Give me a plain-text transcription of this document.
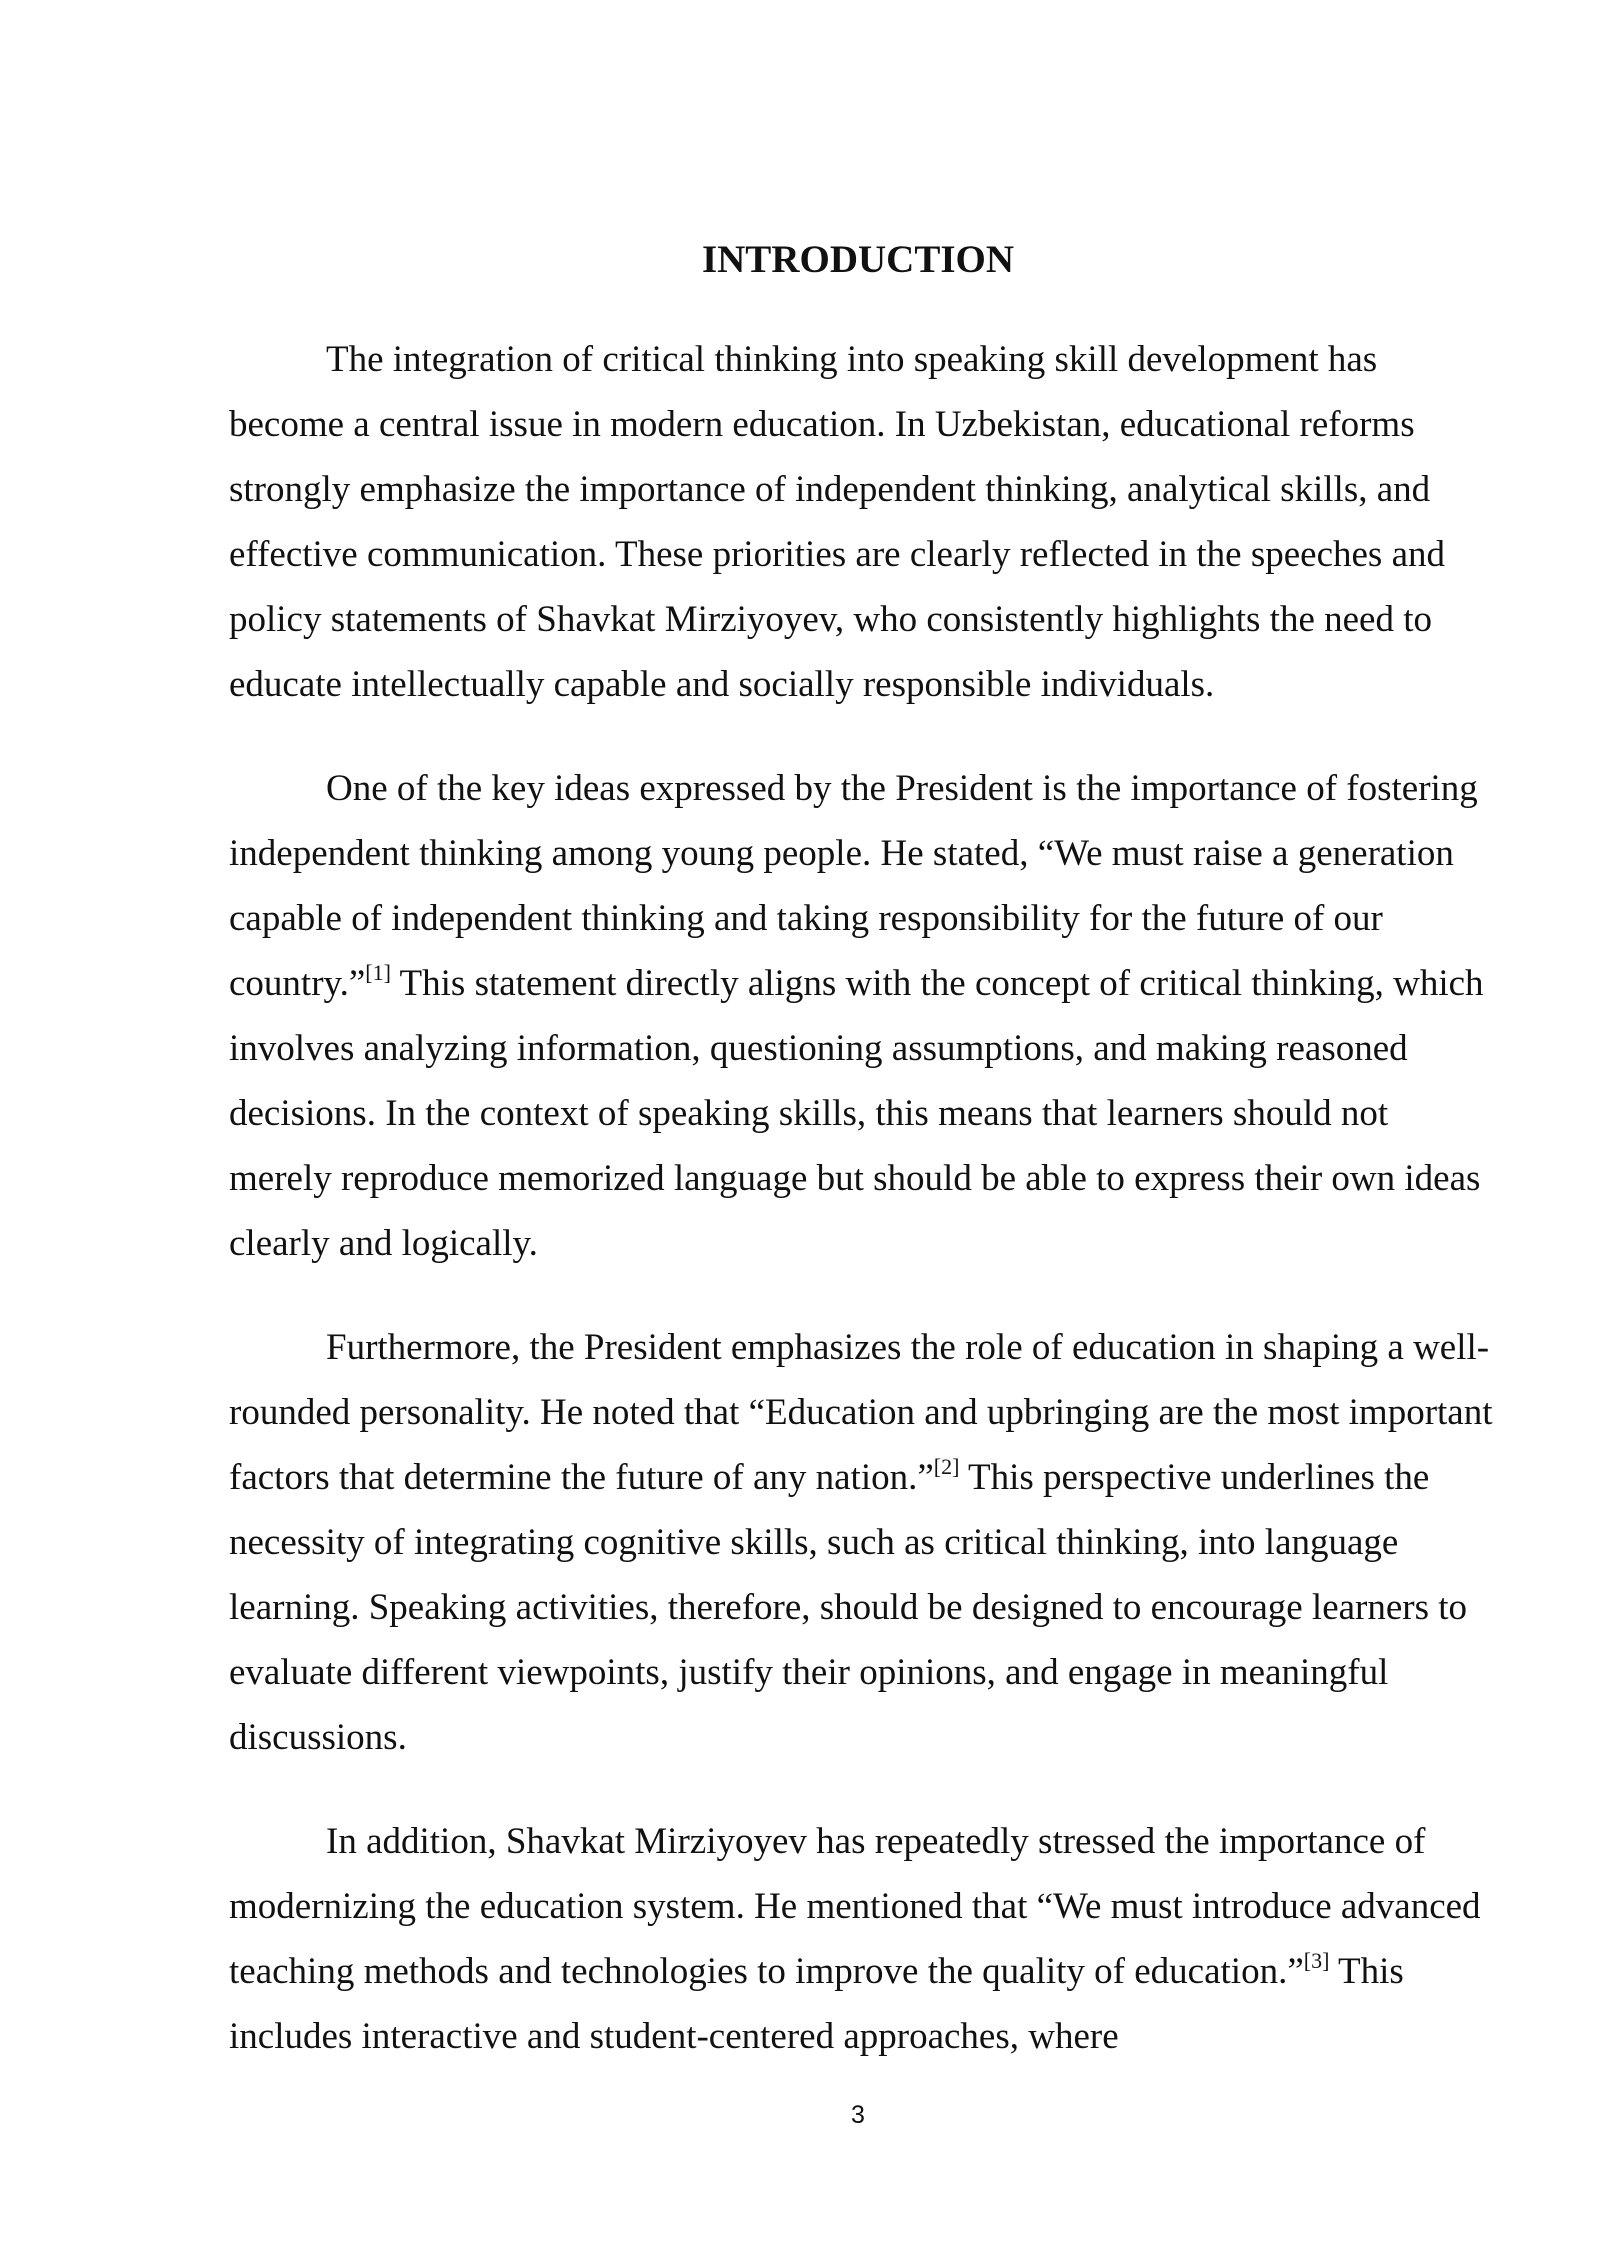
INTRODUCTION

The integration of critical thinking into speaking skill development has become a central issue in modern education. In Uzbekistan, educational reforms strongly emphasize the importance of independent thinking, analytical skills, and effective communication. These priorities are clearly reflected in the speeches and policy statements of Shavkat Mirziyoyev, who consistently highlights the need to educate intellectually capable and socially responsible individuals.

One of the key ideas expressed by the President is the importance of fostering independent thinking among young people. He stated, “We must raise a generation capable of independent thinking and taking responsibility for the future of our country.”[1] This statement directly aligns with the concept of critical thinking, which involves analyzing information, questioning assumptions, and making reasoned decisions. In the context of speaking skills, this means that learners should not merely reproduce memorized language but should be able to express their own ideas clearly and logically.

Furthermore, the President emphasizes the role of education in shaping a well-rounded personality. He noted that “Education and upbringing are the most important factors that determine the future of any nation.”[2] This perspective underlines the necessity of integrating cognitive skills, such as critical thinking, into language learning. Speaking activities, therefore, should be designed to encourage learners to evaluate different viewpoints, justify their opinions, and engage in meaningful discussions.

In addition, Shavkat Mirziyoyev has repeatedly stressed the importance of modernizing the education system. He mentioned that “We must introduce advanced teaching methods and technologies to improve the quality of education.”[3] This includes interactive and student-centered approaches, where

3
